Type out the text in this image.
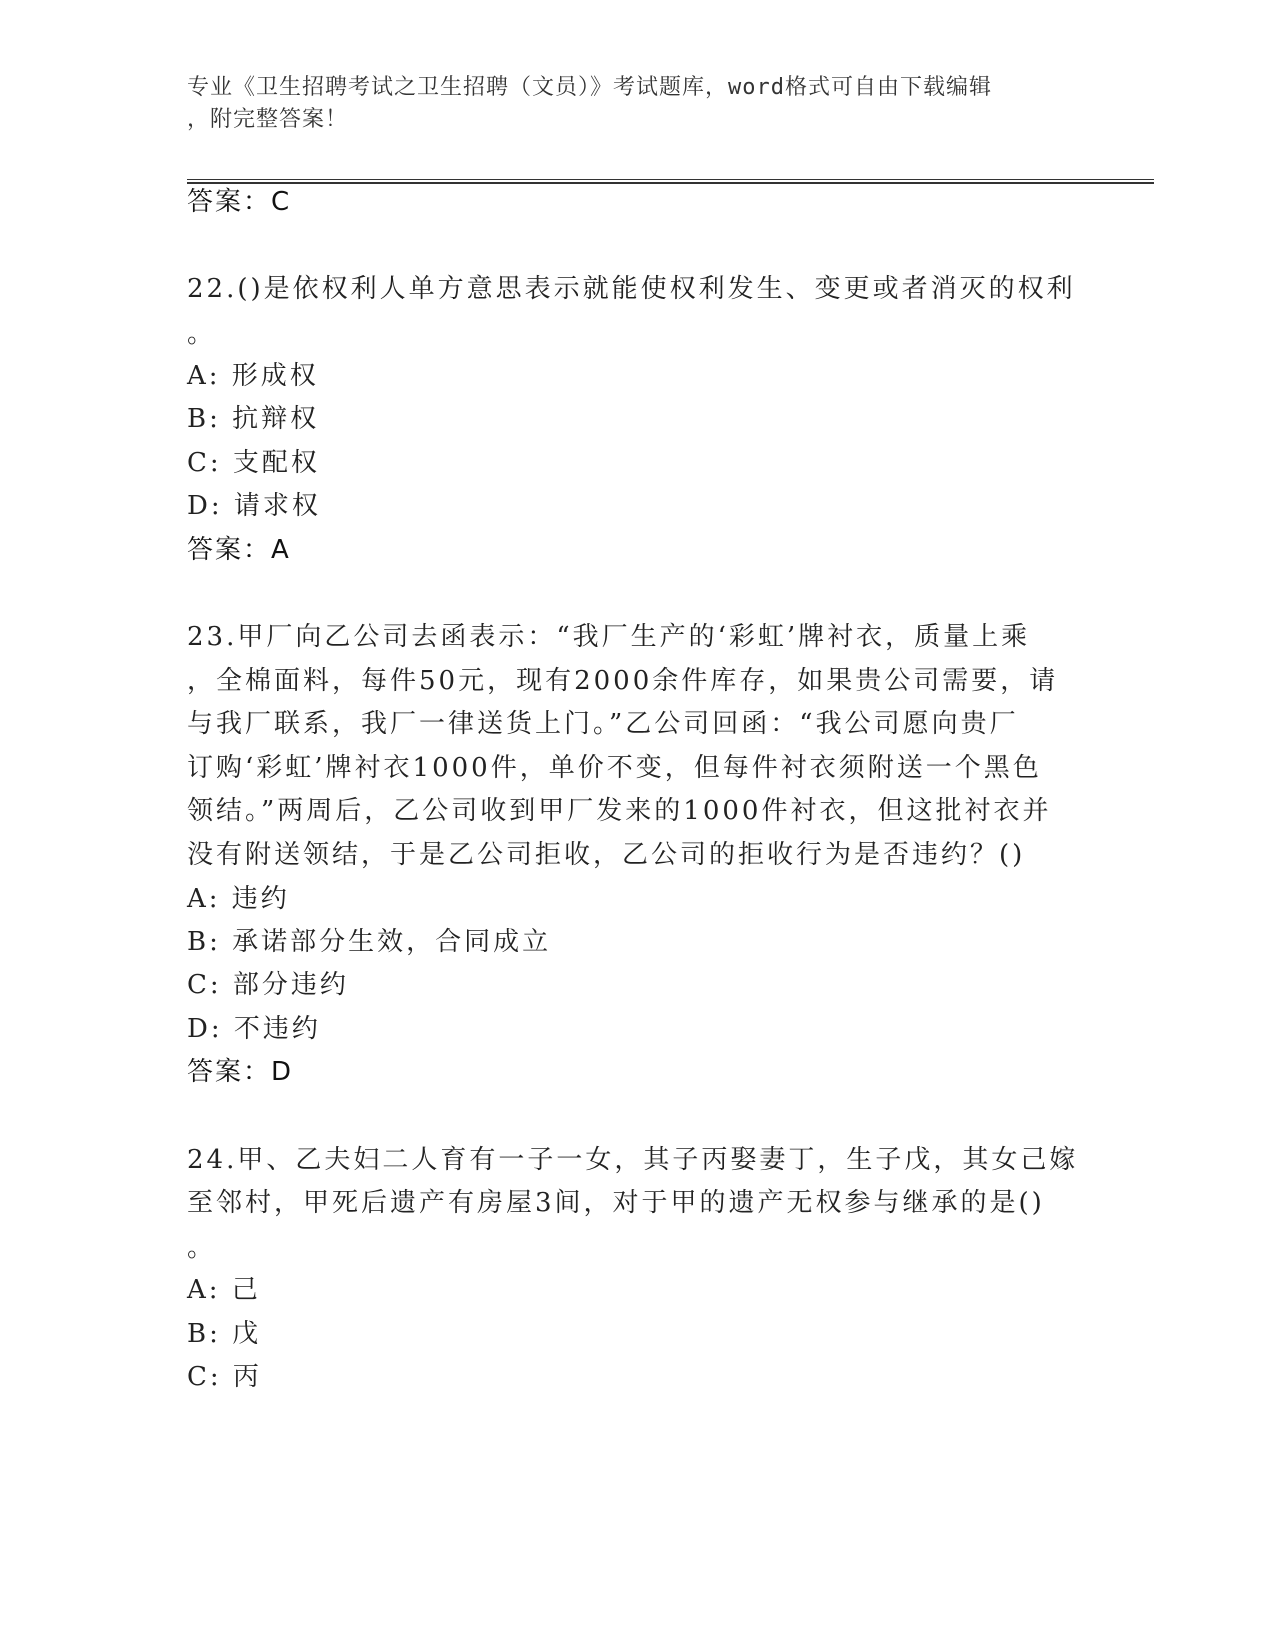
专业《卫生招聘考试之卫生招聘（文员）》考试题库，word格式可自由下载编辑
，附完整答案！
答案：C
22.()是依权利人单方意思表示就能使权利发生、变更或者消灭的权利
。
A: 形成权
B: 抗辩权
C: 支配权
D: 请求权
答案：A
23.甲厂向乙公司去函表示：“我厂生产的‘彩虹’牌衬衣，质量上乘
，全棉面料，每件50元，现有2000余件库存，如果贵公司需要，请
与我厂联系，我厂一律送货上门。”乙公司回函：“我公司愿向贵厂
订购‘彩虹’牌衬衣1000件，单价不变，但每件衬衣须附送一个黑色
领结。”两周后，乙公司收到甲厂发来的1000件衬衣，但这批衬衣并
没有附送领结，于是乙公司拒收，乙公司的拒收行为是否违约？()
A: 违约
B: 承诺部分生效，合同成立
C: 部分违约
D: 不违约
答案：D
24.甲、乙夫妇二人育有一子一女，其子丙娶妻丁，生子戊，其女己嫁
至邻村，甲死后遗产有房屋3间，对于甲的遗产无权参与继承的是()
。
A: 己
B: 戊
C: 丙
